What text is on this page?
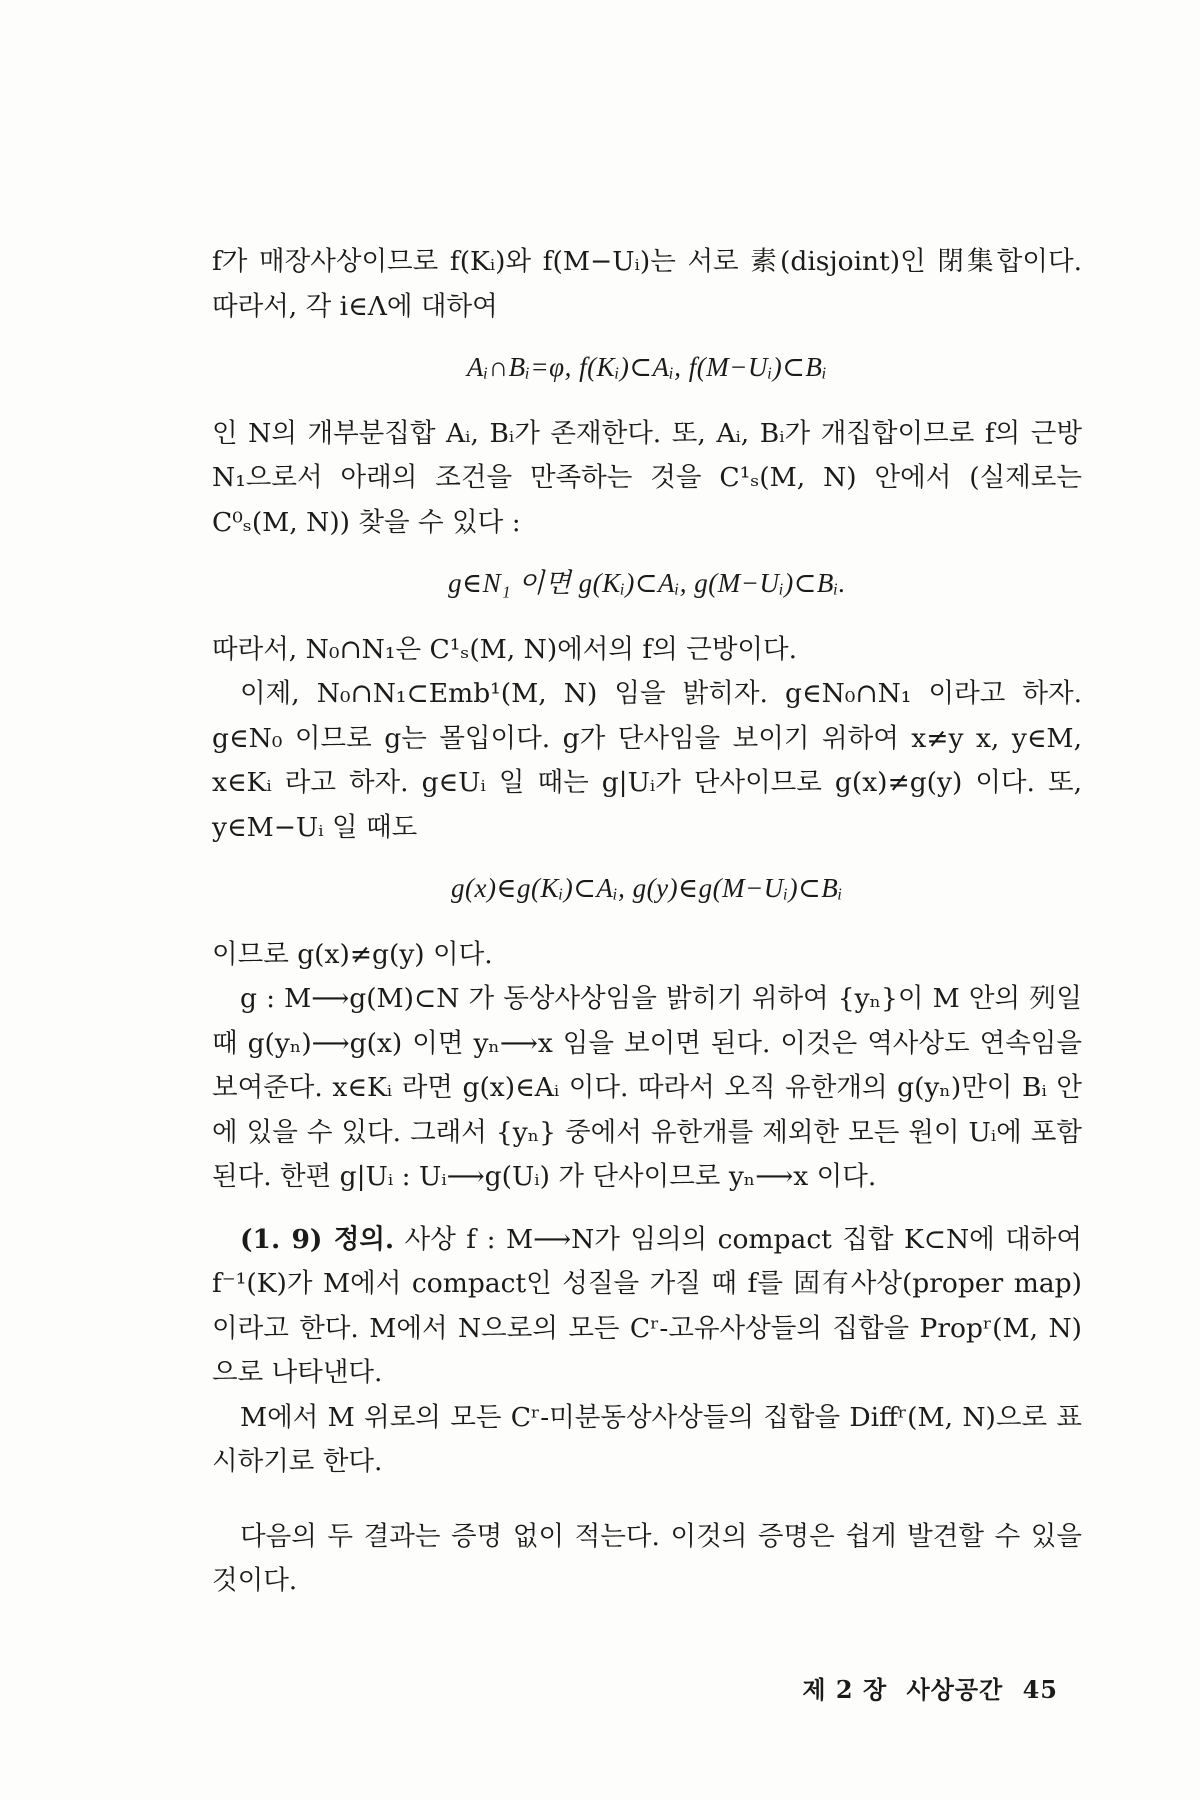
f가 매장사상이므로 f(Kᵢ)와 f(M−Uᵢ)는 서로 素(disjoint)인 閉集합이다. 따라서, 각 i∈Λ에 대하여

Aᵢ∩Bᵢ=φ, f(Kᵢ)⊂Aᵢ, f(M−Uᵢ)⊂Bᵢ

인 N의 개부분집합 Aᵢ, Bᵢ가 존재한다. 또, Aᵢ, Bᵢ가 개집합이므로 f의 근방 N₁으로서 아래의 조건을 만족하는 것을 C¹ₛ(M, N) 안에서 (실제로는 C⁰ₛ(M, N)) 찾을 수 있다 :

g∈N₁ 이면 g(Kᵢ)⊂Aᵢ, g(M−Uᵢ)⊂Bᵢ.

따라서, N₀∩N₁은 C¹ₛ(M, N)에서의 f의 근방이다.

이제, N₀∩N₁⊂Emb¹(M, N) 임을 밝히자. g∈N₀∩N₁ 이라고 하자. g∈N₀ 이므로 g는 몰입이다. g가 단사임을 보이기 위하여 x≠y x, y∈M, x∈Kᵢ 라고 하자. g∈Uᵢ 일 때는 g|Uᵢ가 단사이므로 g(x)≠g(y) 이다. 또, y∈M−Uᵢ 일 때도

g(x)∈g(Kᵢ)⊂Aᵢ, g(y)∈g(M−Uᵢ)⊂Bᵢ

이므로 g(x)≠g(y) 이다.

g : M⟶g(M)⊂N 가 동상사상임을 밝히기 위하여 {yₙ}이 M 안의 列일 때 g(yₙ)⟶g(x) 이면 yₙ⟶x 임을 보이면 된다. 이것은 역사상도 연속임을 보여준다. x∈Kᵢ 라면 g(x)∈Aᵢ 이다. 따라서 오직 유한개의 g(yₙ)만이 Bᵢ 안에 있을 수 있다. 그래서 {yₙ} 중에서 유한개를 제외한 모든 원이 Uᵢ에 포함된다. 한편 g|Uᵢ : Uᵢ⟶g(Uᵢ) 가 단사이므로 yₙ⟶x 이다.

(1. 9) 정의. 사상 f : M⟶N가 임의의 compact 집합 K⊂N에 대하여 f⁻¹(K)가 M에서 compact인 성질을 가질 때 f를 固有사상(proper map)이라고 한다. M에서 N으로의 모든 Cʳ-고유사상들의 집합을 Propʳ(M, N)으로 나타낸다.

M에서 M 위로의 모든 Cʳ-미분동상사상들의 집합을 Diffʳ(M, N)으로 표시하기로 한다.

다음의 두 결과는 증명 없이 적는다. 이것의 증명은 쉽게 발견할 수 있을 것이다.

제 2 장 사상공간 45
